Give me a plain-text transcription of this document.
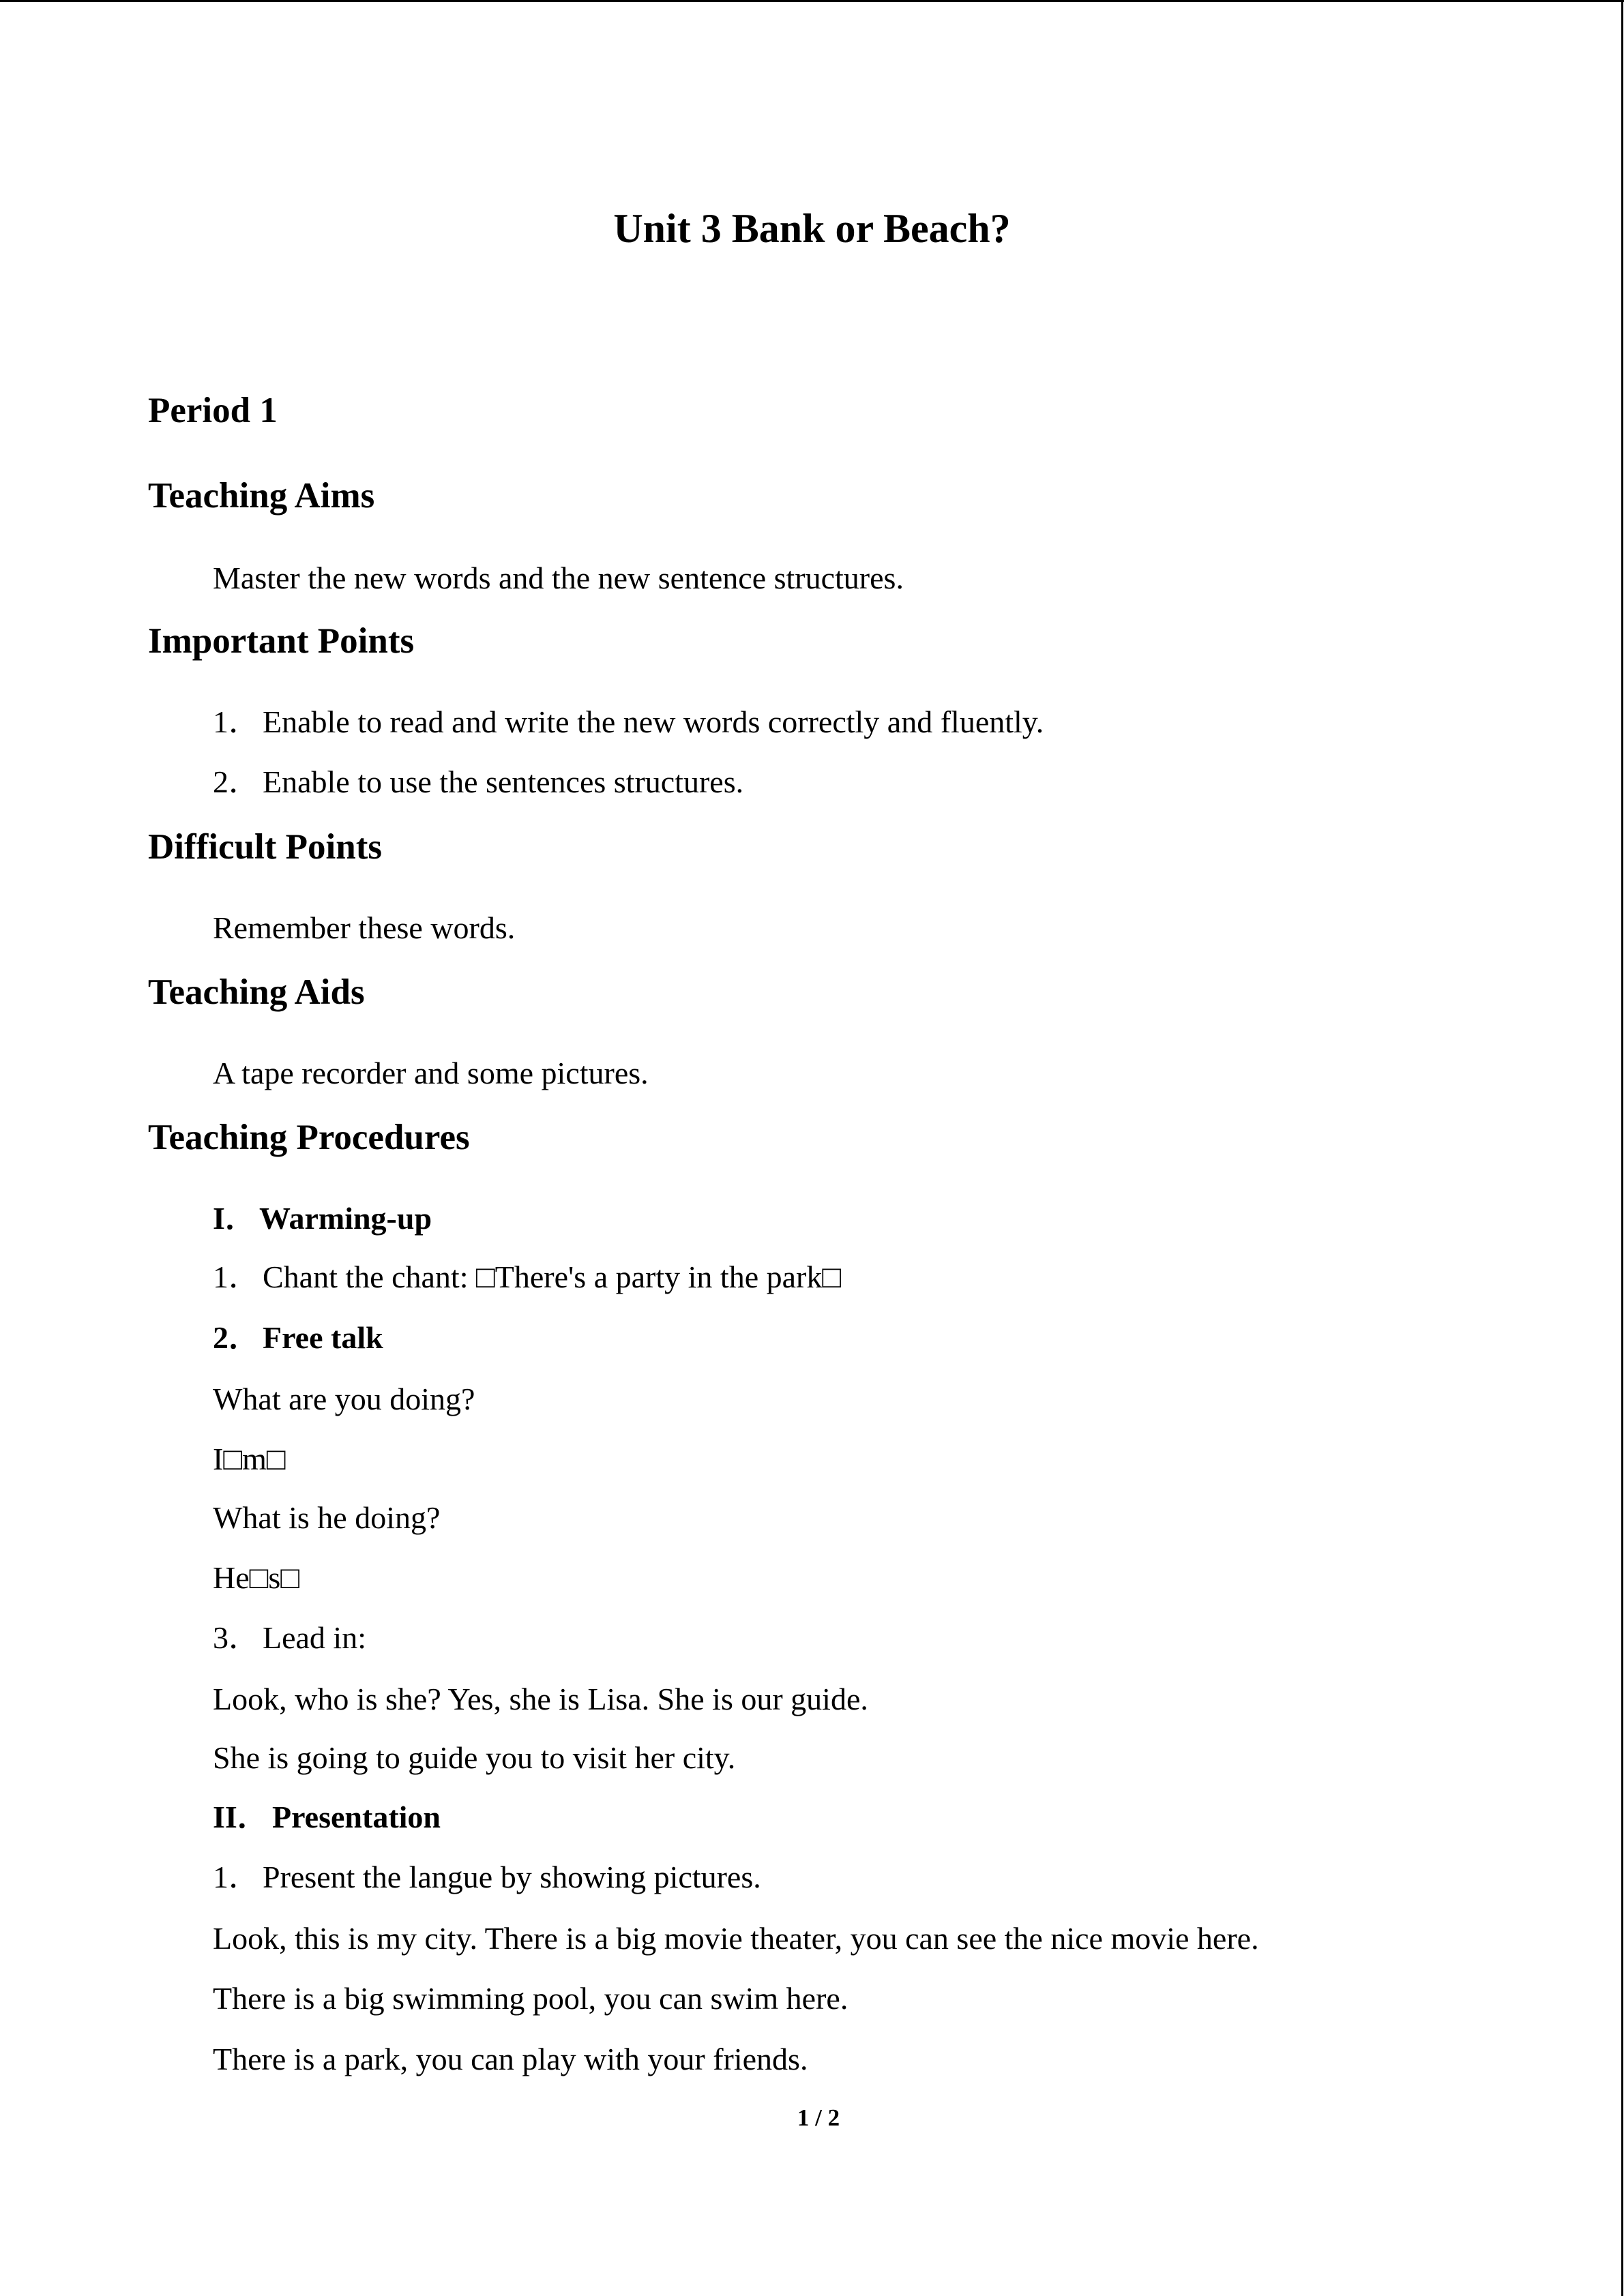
Unit 3 Bank or Beach?
Period 1
Teaching Aims

Master the new words and the new sentence structures.

Important Points

1．Enable to read and write the new words correctly and fluently.

2．Enable to use the sentences structures.

Difficult Points

Remember these words.

Teaching Aids

A tape recorder and some pictures.

Teaching Procedures

I．Warming-up

1．Chant the chant: □There's a party in the park□

2．Free talk

What are you doing?

I□m□

What is he doing?

He□s□

3．Lead in:

Look, who is she? Yes, she is Lisa. She is our guide.

She is going to guide you to visit her city.

II． Presentation

1．Present the langue by showing pictures.

Look, this is my city. There is a big movie theater, you can see the nice movie here.

There is a big swimming pool, you can swim here.

There is a park, you can play with your friends.

1 / 2
